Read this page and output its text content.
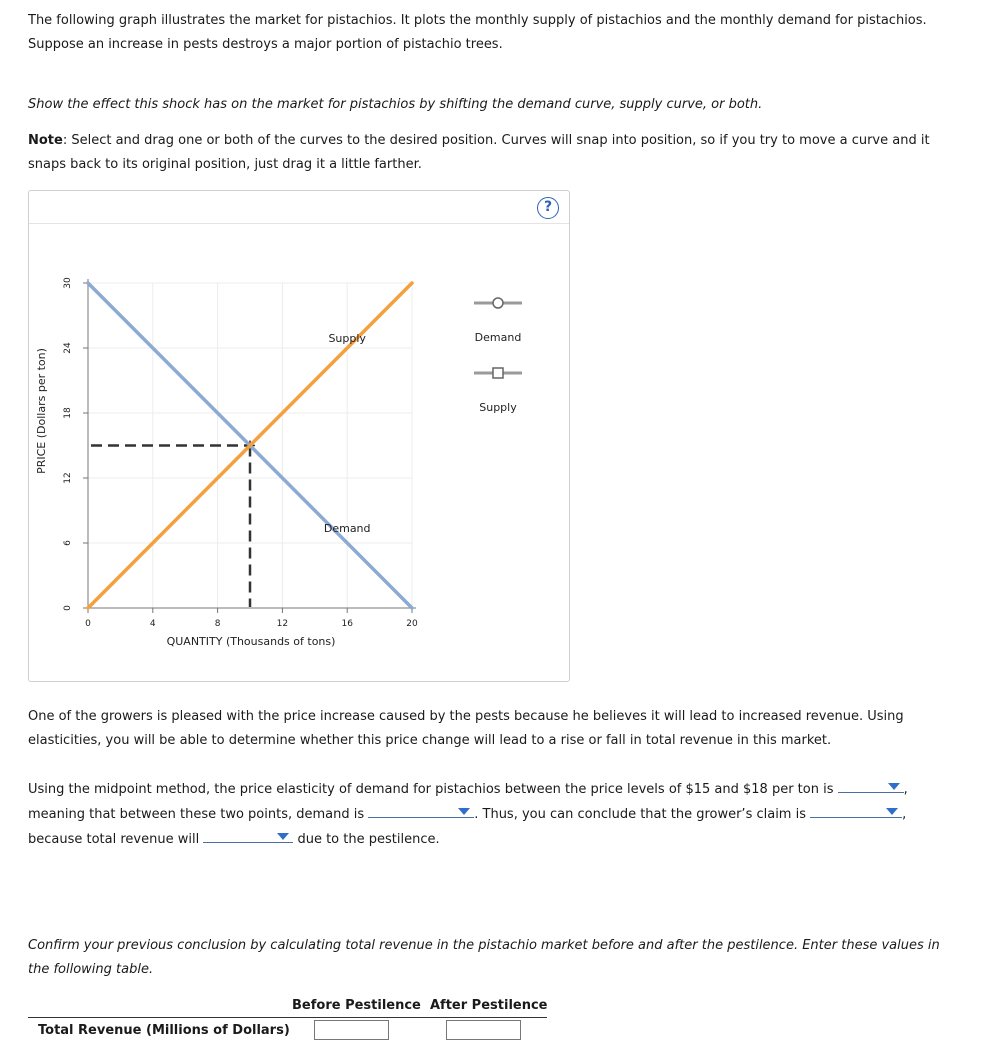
The following graph illustrates the market for pistachios. It plots the monthly supply of pistachios and the monthly demand for pistachios. Suppose an increase in pests destroys a major portion of pistachio trees.

Show the effect this shock has on the market for pistachios by shifting the demand curve, supply curve, or both.

Note: Select and drag one or both of the curves to the desired position. Curves will snap into position, so if you try to move a curve and it snaps back to its original position, just drag it a little farther.

?
0	4	8	12	16	20
0
6
12
18
24
30
Demand
Supply	Demand
Supply
PRICE (Dollars per ton)
QUANTITY (Thousands of tons)

One of the growers is pleased with the price increase caused by the pests because he believes it will lead to increased revenue. Using elasticities, you will be able to determine whether this price change will lead to a rise or fall in total revenue in this market.

Using the midpoint method, the price elasticity of demand for pistachios between the price levels of $15 and $18 per ton is	, meaning that between these two points, demand is	. Thus, you can conclude that the grower’s claim is	, because total revenue will	due to the pestilence.

Confirm your previous conclusion by calculating total revenue in the pistachio market before and after the pestilence. Enter these values in the following table.

Before Pestilence After Pestilence
Total Revenue (Millions of Dollars)
